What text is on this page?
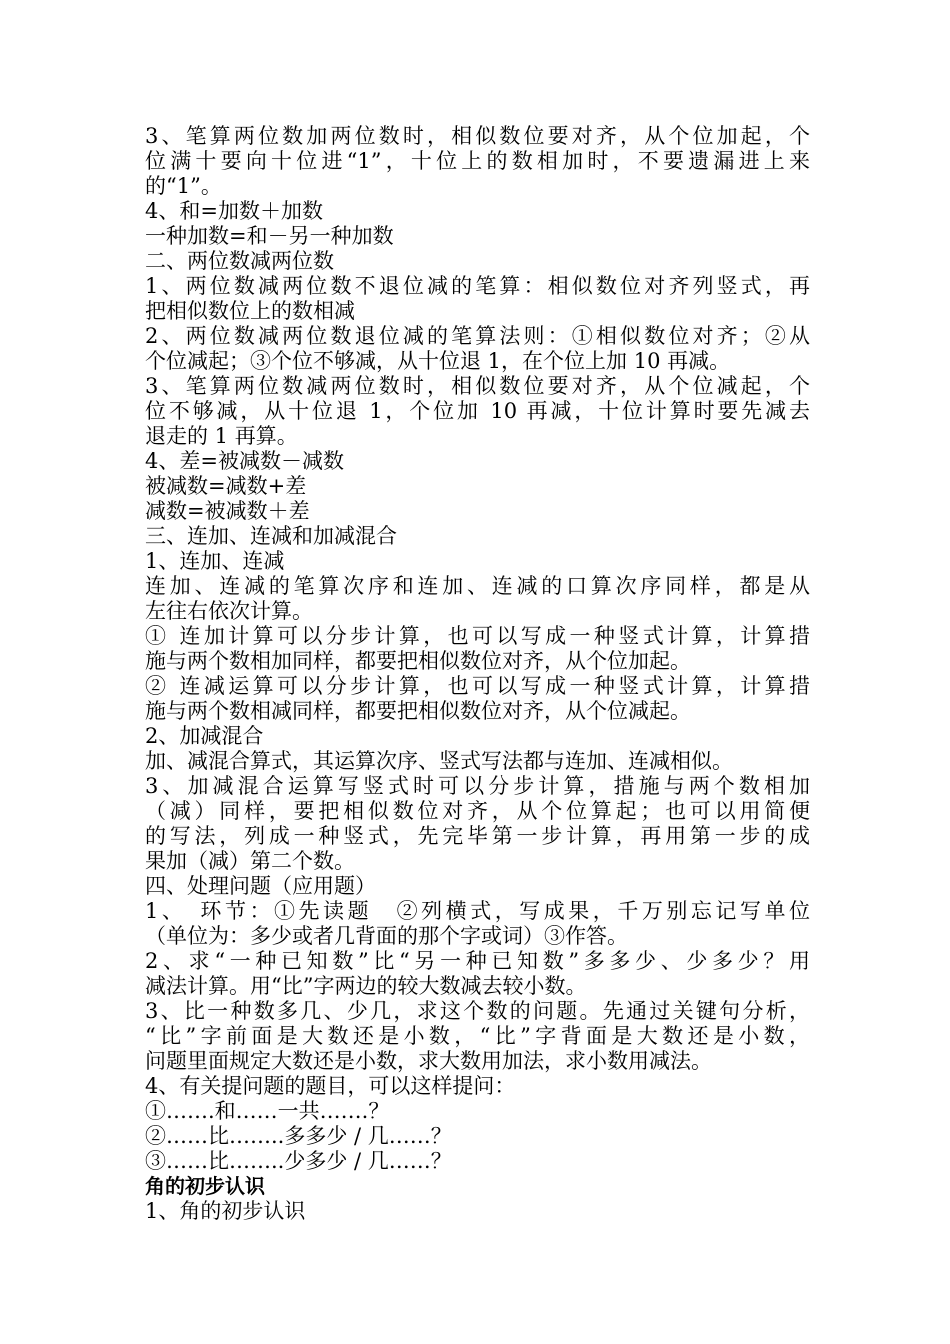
3、笔算两位数加两位数时，相似数位要对齐，从个位加起，个
位满十要向十位进“1”，十位上的数相加时，不要遗漏进上来
的“1”。
4、和=加数＋加数
一种加数=和－另一种加数
二、两位数减两位数
1、两位数减两位数不退位减的笔算：相似数位对齐列竖式，再
把相似数位上的数相减
2、两位数减两位数退位减的笔算法则：①相似数位对齐；②从
个位减起；③个位不够减，从十位退 1，在个位上加 10 再减。
3、笔算两位数减两位数时，相似数位要对齐，从个位减起，个
位不够减，从十位退 1，个位加 10 再减，十位计算时要先减去
退走的 1 再算。
4、差=被减数－减数
被减数=减数+差
减数=被减数＋差
三、连加、连减和加减混合
1、连加、连减
连加、连减的笔算次序和连加、连减的口算次序同样，都是从
左往右依次计算。
① 连加计算可以分步计算，也可以写成一种竖式计算，计算措
施与两个数相加同样，都要把相似数位对齐，从个位加起。
② 连减运算可以分步计算，也可以写成一种竖式计算，计算措
施与两个数相减同样，都要把相似数位对齐，从个位减起。
2、加减混合
加、减混合算式，其运算次序、竖式写法都与连加、连减相似。
3、加减混合运算写竖式时可以分步计算，措施与两个数相加
（减）同样，要把相似数位对齐，从个位算起；也可以用简便
的写法，列成一种竖式，先完毕第一步计算，再用第一步的成
果加（减）第二个数。
四、处理问题（应用题）
1、　环节：①先读题　②列横式，写成果，千万别忘记写单位
（单位为：多少或者几背面的那个字或词）③作答。
2、求“一种已知数”比“另一种已知数”多多少、少多少？用
减法计算。用“比”字两边的较大数减去较小数。
3、比一种数多几、少几，求这个数的问题。先通过关键句分析，
“比”字前面是大数还是小数，“比”字背面是大数还是小数，
问题里面规定大数还是小数，求大数用加法，求小数用减法。
4、有关提问题的题目，可以这样提问：
①…….和……一共…….？
②……比……..多多少 / 几……？
③……比……..少多少 / 几……？
角的初步认识
1、角的初步认识
